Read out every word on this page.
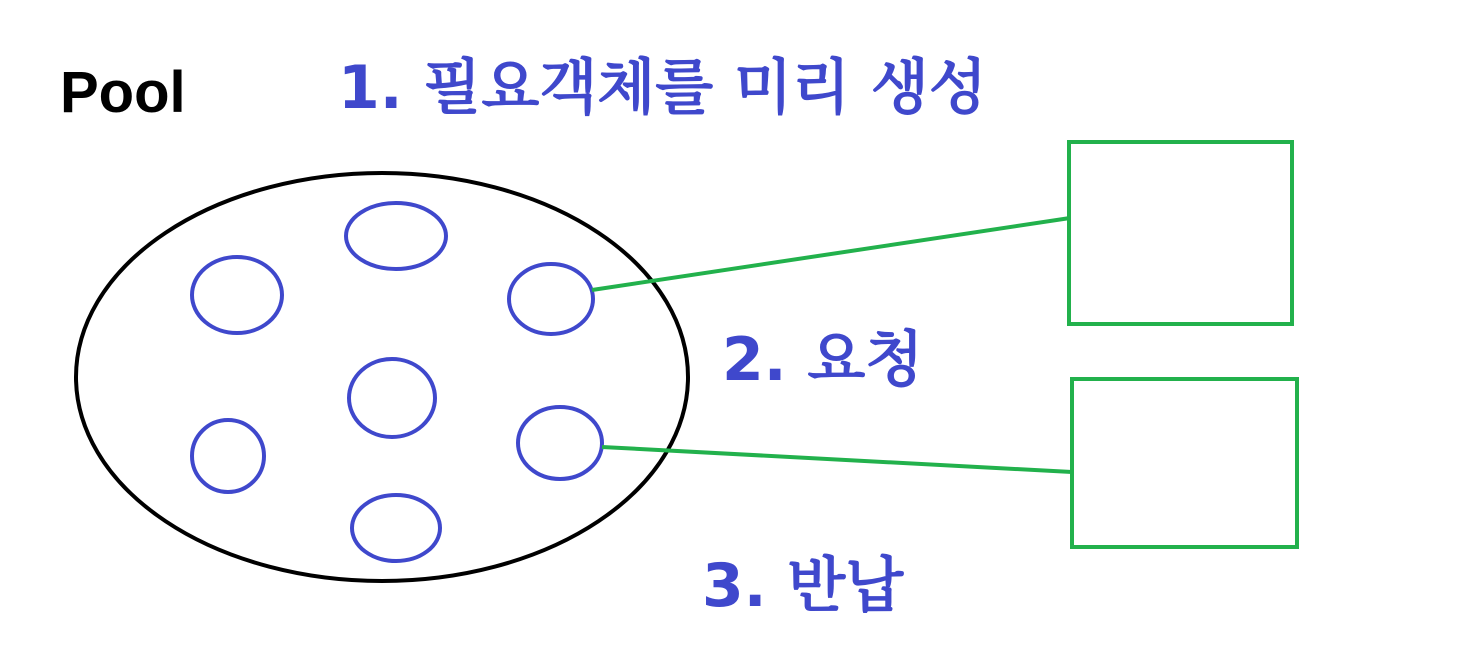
Pool	1. 필요객체를 미리 생성
2. 요청
3. 반납
